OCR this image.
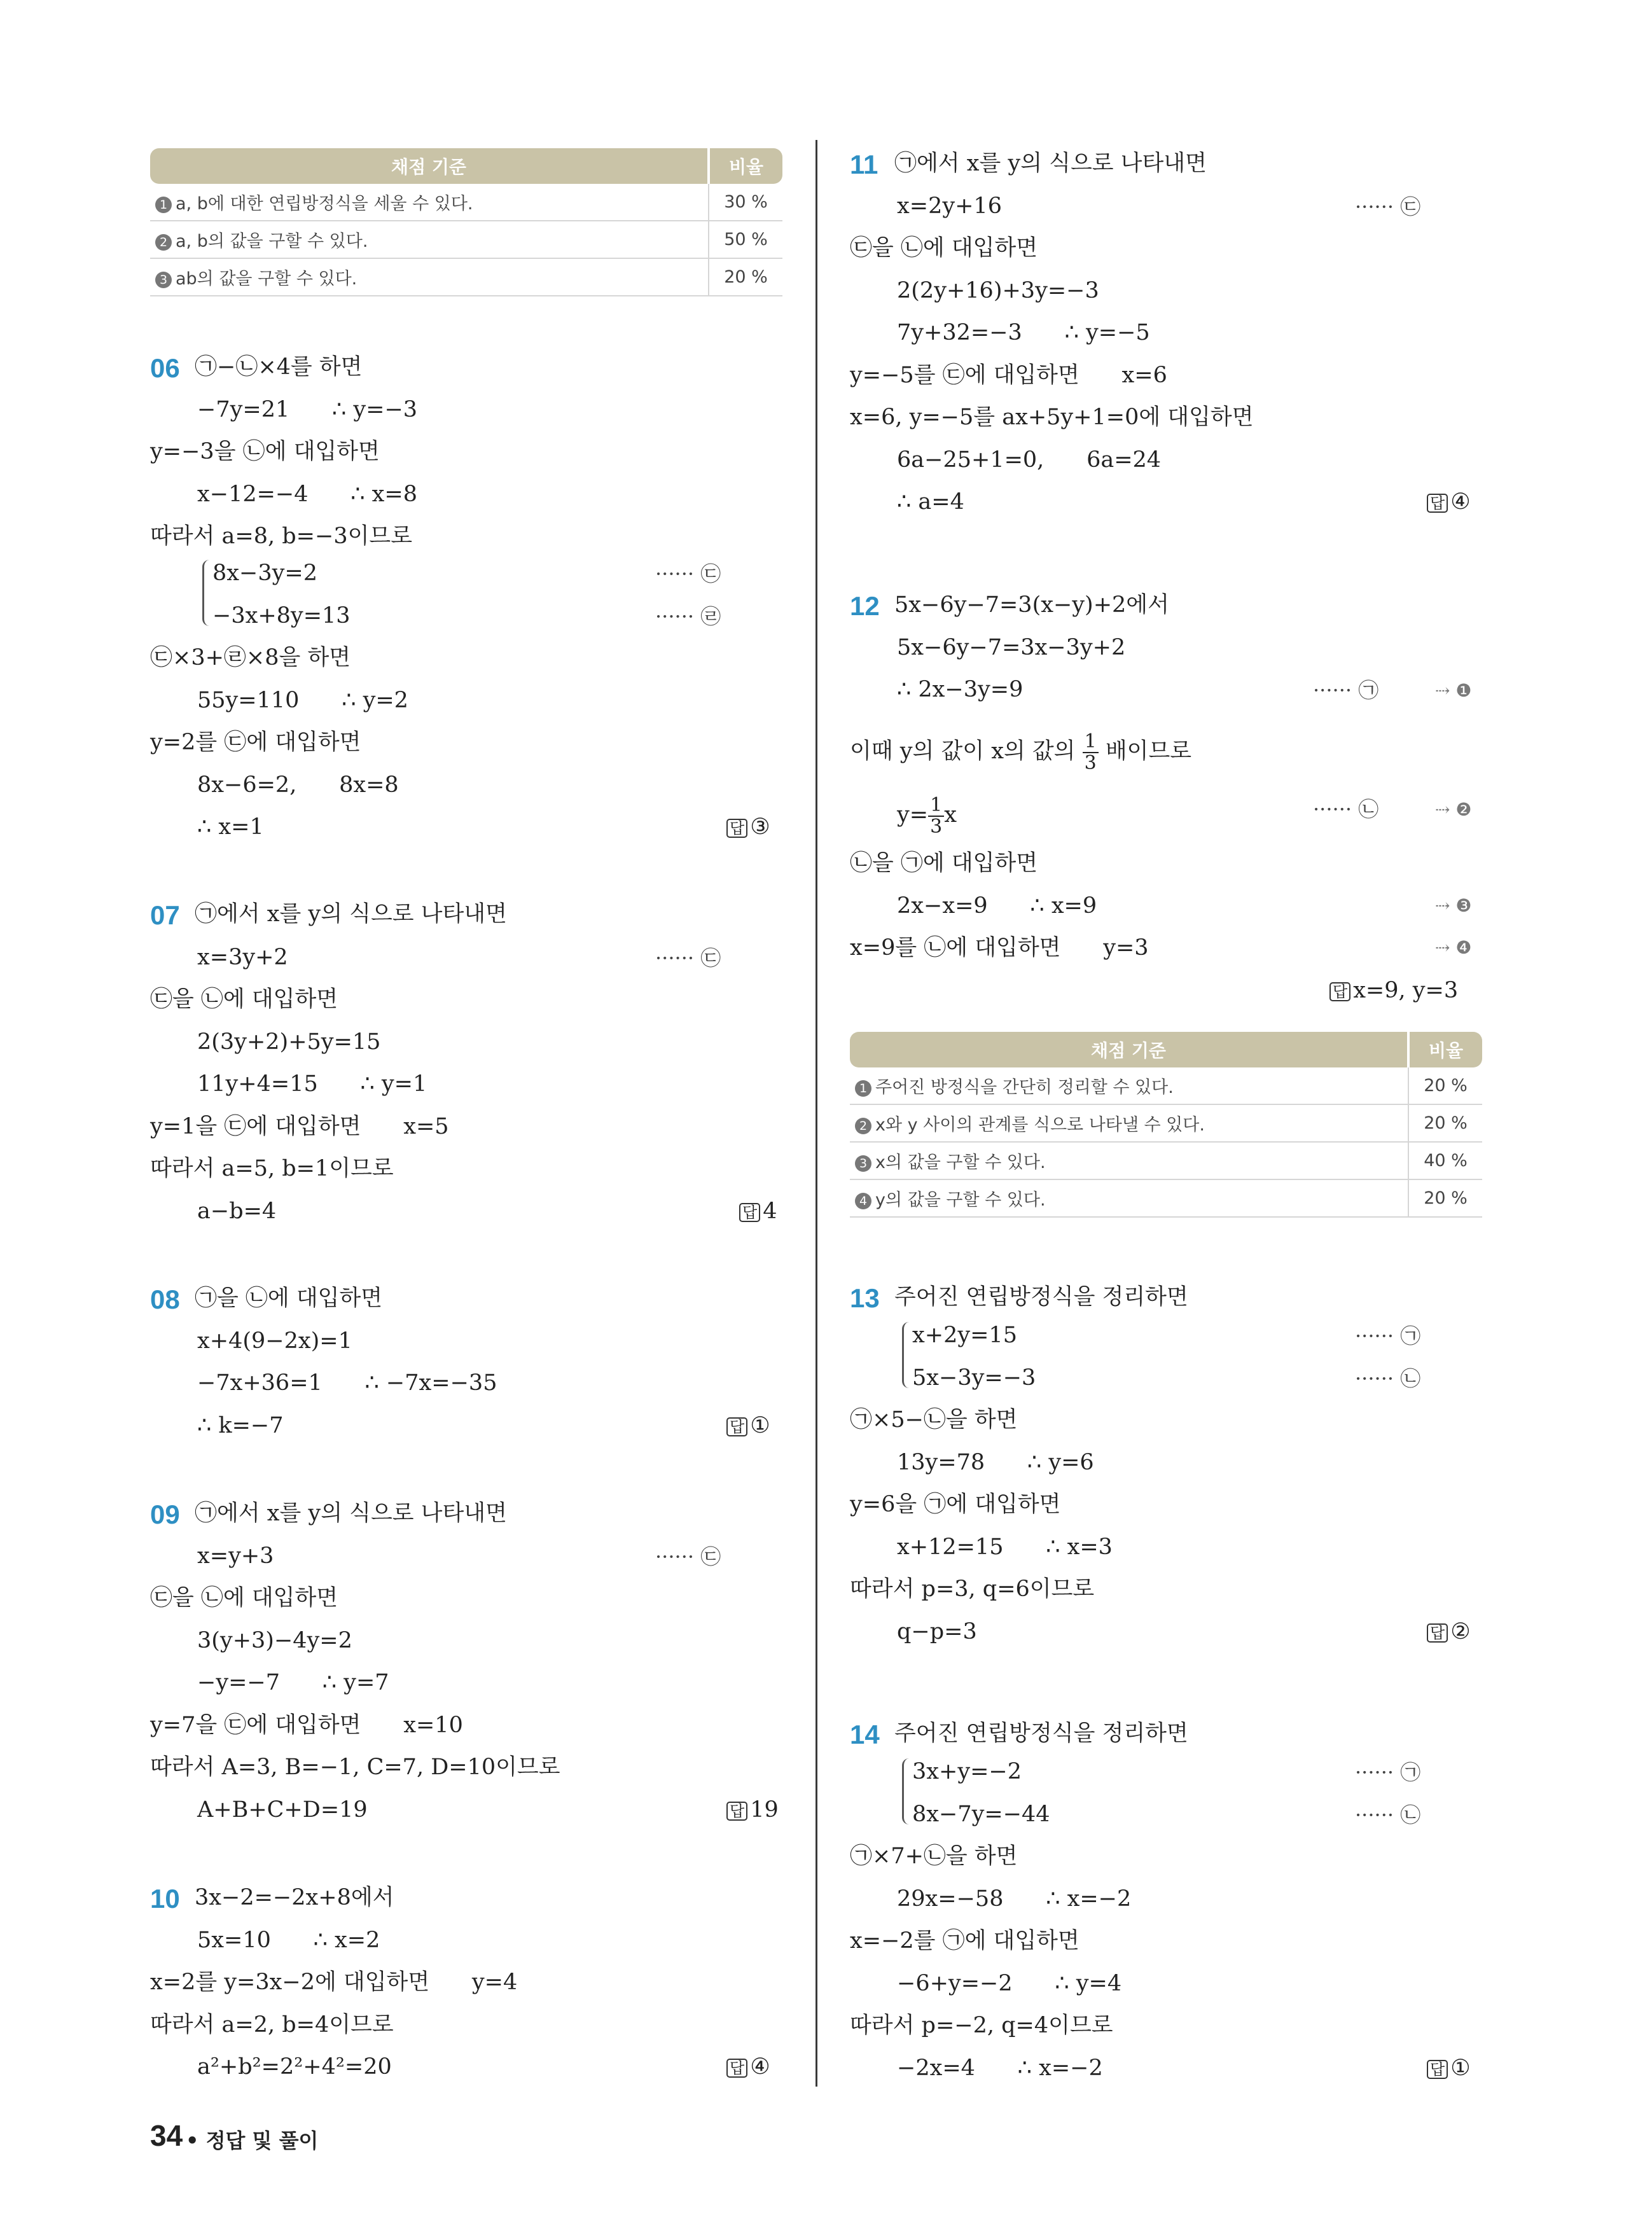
채점 기준	비율
1 a, b에 대한 연립방정식을 세울 수 있다.	30 %
2 a, b의 값을 구할 수 있다.	50 %
3 ab의 값을 구할 수 있다.	20 %
06 ㉠−㉡×4를 하면
−7y=21      ∴ y=−3
y=−3을 ㉡에 대입하면
x−12=−4      ∴ x=8
따라서 a=8, b=−3이므로
8x−3y=2	······ ㉢
−3x+8y=13	······ ㉣
㉢×3+㉣×8을 하면
55y=110      ∴ y=2
y=2를 ㉢에 대입하면
8x−6=2,      8x=8
∴ x=1	답 ③
07 ㉠에서 x를 y의 식으로 나타내면
x=3y+2	······ ㉢
㉢을 ㉡에 대입하면
2(3y+2)+5y=15
11y+4=15      ∴ y=1
y=1을 ㉢에 대입하면      x=5
따라서 a=5, b=1이므로
a−b=4	답 4
08 ㉠을 ㉡에 대입하면
x+4(9−2x)=1
−7x+36=1      ∴ −7x=−35
∴ k=−7	답 ①
09 ㉠에서 x를 y의 식으로 나타내면
x=y+3	······ ㉢
㉢을 ㉡에 대입하면
3(y+3)−4y=2
−y=−7      ∴ y=7
y=7을 ㉢에 대입하면      x=10
따라서 A=3, B=−1, C=7, D=10이므로
A+B+C+D=19	답 19
10 3x−2=−2x+8에서
5x=10      ∴ x=2
x=2를 y=3x−2에 대입하면      y=4
따라서 a=2, b=4이므로
a²+b²=2²+4²=20	답 ④
11 ㉠에서 x를 y의 식으로 나타내면
x=2y+16	······ ㉢
㉢을 ㉡에 대입하면
2(2y+16)+3y=−3
7y+32=−3      ∴ y=−5
y=−5를 ㉢에 대입하면      x=6
x=6, y=−5를 ax+5y+1=0에 대입하면
6a−25+1=0,      6a=24
∴ a=4	답 ④
12 5x−6y−7=3(x−y)+2에서
5x−6y−7=3x−3y+2
∴ 2x−3y=9	······ ㉠	⇢ ❶
이때 y의 값이 x의 값의 $\frac{1}{3}$ 배이므로
$y= \frac{1}{3}$ x	······ ㉡	⇢ ❷
㉡을 ㉠에 대입하면
2x−x=9      ∴ x=9	⇢ ❸
x=9를 ㉡에 대입하면      y=3	⇢ ❹
답 x=9, y=3
채점 기준	비율
1 주어진 방정식을 간단히 정리할 수 있다.	20 %
2 x와 y 사이의 관계를 식으로 나타낼 수 있다.	20 %
3 x의 값을 구할 수 있다.	40 %
4 y의 값을 구할 수 있다.	20 %
13 주어진 연립방정식을 정리하면
x+2y=15	······ ㉠
5x−3y=−3	······ ㉡
㉠×5−㉡을 하면
13y=78      ∴ y=6
y=6을 ㉠에 대입하면
x+12=15      ∴ x=3
따라서 p=3, q=6이므로
q−p=3	답 ②
14 주어진 연립방정식을 정리하면
3x+y=−2	······ ㉠
8x−7y=−44	······ ㉡
㉠×7+㉡을 하면
29x=−58      ∴ x=−2
x=−2를 ㉠에 대입하면
−6+y=−2      ∴ y=4
따라서 p=−2, q=4이므로
−2x=4      ∴ x=−2	답 ①
34 • 정답 및 풀이
